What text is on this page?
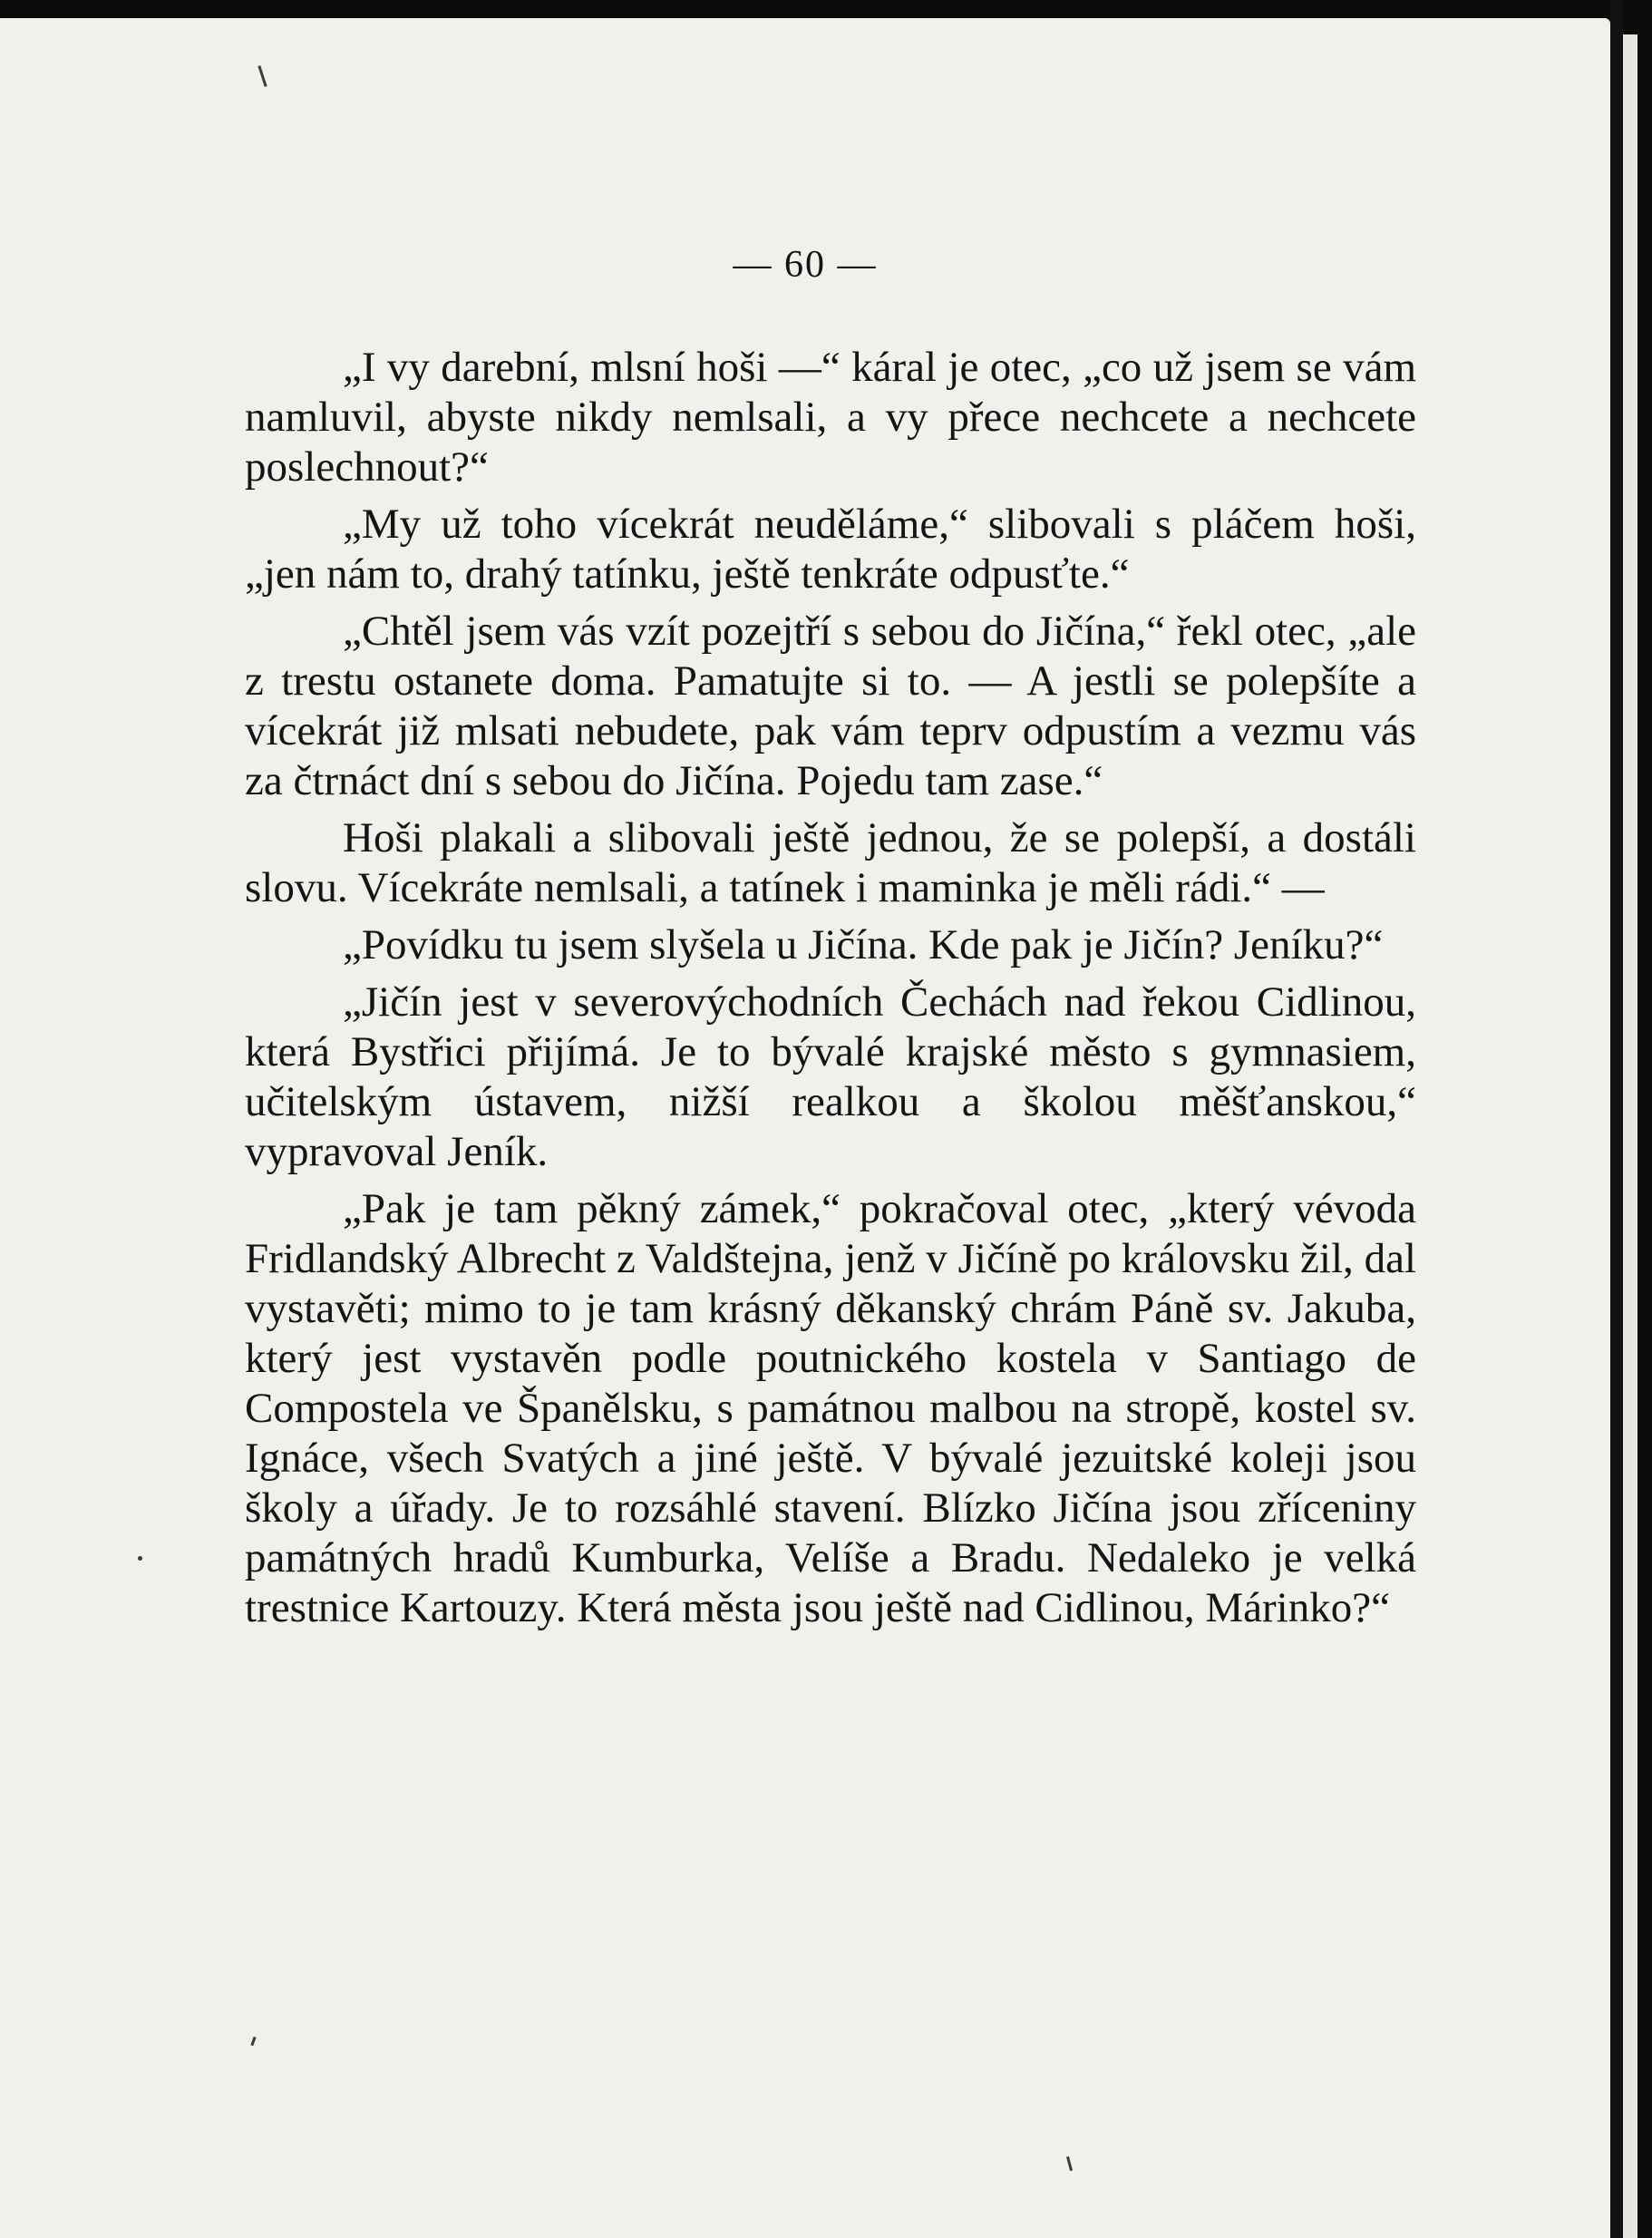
— 60 —

„I vy darební, mlsní hoši —“ káral je otec, „co už jsem se vám namluvil, abyste nikdy nemlsali, a vy přece nechcete a nechcete poslechnout?“

„My už toho vícekrát neuděláme,“ slibovali s pláčem hoši, „jen nám to, drahý tatínku, ještě tenkráte odpusťte.“

„Chtěl jsem vás vzít pozejtří s sebou do Jičína,“ řekl otec, „ale z trestu ostanete doma. Pamatujte si to. — A jestli se polepšíte a vícekrát již mlsati nebudete, pak vám teprv odpustím a vezmu vás za čtrnáct dní s sebou do Jičína. Pojedu tam zase.“

Hoši plakali a slibovali ještě jednou, že se polepší, a dostáli slovu. Vícekráte nemlsali, a tatínek i maminka je měli rádi.“ —

„Povídku tu jsem slyšela u Jičína. Kde pak je Jičín? Jeníku?“

„Jičín jest v severovýchodních Čechách nad řekou Cidlinou, která Bystřici přijímá. Je to bývalé krajské město s gymnasiem, učitelským ústavem, nižší realkou a školou měšťanskou,“ vypravoval Jeník.

„Pak je tam pěkný zámek,“ pokračoval otec, „který vévoda Fridlandský Albrecht z Valdštejna, jenž v Jičíně po královsku žil, dal vystavěti; mimo to je tam krásný děkanský chrám Páně sv. Jakuba, který jest vystavěn podle poutnického kostela v Santiago de Compostela ve Španělsku, s památnou malbou na stropě, kostel sv. Ignáce, všech Svatých a jiné ještě. V bývalé jezuitské koleji jsou školy a úřady. Je to rozsáhlé stavení. Blízko Jičína jsou zříceniny památných hradů Kumburka, Velíše a Bradu. Nedaleko je velká trestnice Kartouzy. Která města jsou ještě nad Cidlinou, Márinko?“
